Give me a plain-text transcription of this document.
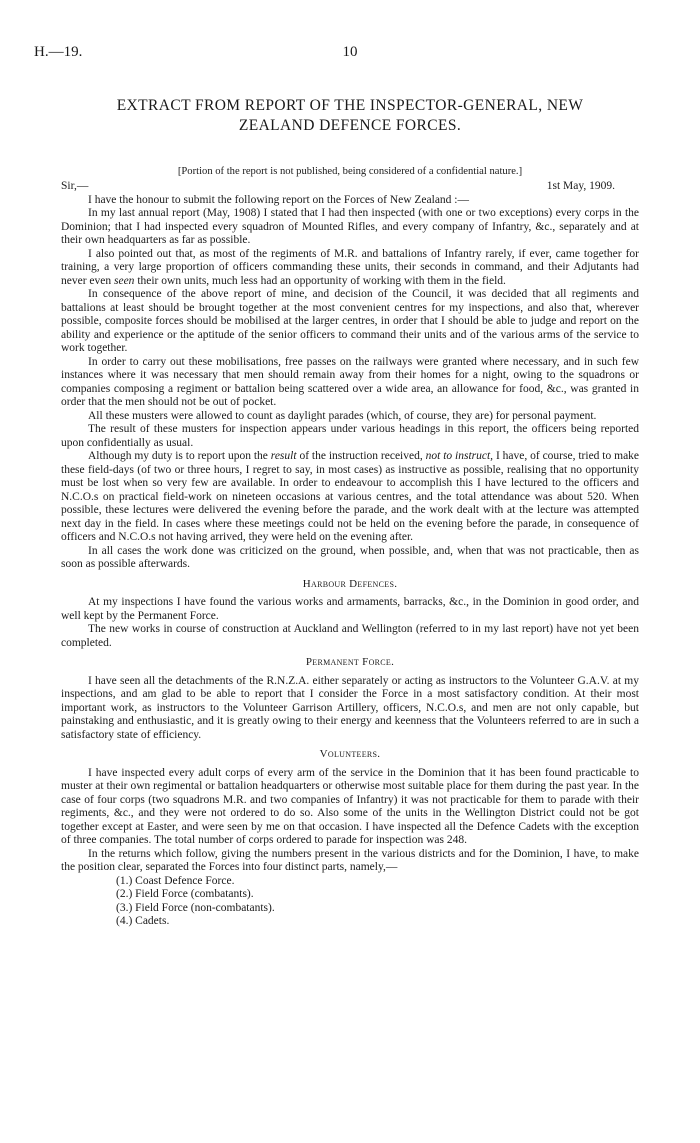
H.—19.	10
EXTRACT FROM REPORT OF THE INSPECTOR-GENERAL, NEW
ZEALAND DEFENCE FORCES.
[Portion of the report is not published, being considered of a confidential nature.]
Sir,—	1st May, 1909.

I have the honour to submit the following report on the Forces of New Zealand :—

In my last annual report (May, 1908) I stated that I had then inspected (with one or two exceptions) every corps in the Dominion; that I had inspected every squadron of Mounted Rifles, and every company of Infantry, &c., separately and at their own headquarters as far as possible.

I also pointed out that, as most of the regiments of M.R. and battalions of Infantry rarely, if ever, came together for training, a very large proportion of officers commanding these units, their seconds in command, and their Adjutants had never even seen their own units, much less had an opportunity of working with them in the field.

In consequence of the above report of mine, and decision of the Council, it was decided that all regiments and battalions at least should be brought together at the most convenient centres for my inspections, and also that, wherever possible, composite forces should be mobilised at the larger centres, in order that I should be able to judge and report on the ability and experience or the aptitude of the senior officers to command their units and of the various arms of the service to work together.

In order to carry out these mobilisations, free passes on the railways were granted where necessary, and in such few instances where it was necessary that men should remain away from their homes for a night, owing to the squadrons or companies composing a regiment or battalion being scattered over a wide area, an allowance for food, &c., was granted in order that the men should not be out of pocket.

All these musters were allowed to count as daylight parades (which, of course, they are) for personal payment.

The result of these musters for inspection appears under various headings in this report, the officers being reported upon confidentially as usual.

Although my duty is to report upon the result of the instruction received, not to instruct, I have, of course, tried to make these field-days (of two or three hours, I regret to say, in most cases) as instructive as possible, realising that no opportunity must be lost when so very few are available. In order to endeavour to accomplish this I have lectured to the officers and N.C.O.s on practical field-work on nineteen occasions at various centres, and the total attendance was about 520. When possible, these lectures were delivered the evening before the parade, and the work dealt with at the lecture was attempted next day in the field. In cases where these meetings could not be held on the evening before the parade, in consequence of officers and N.C.O.s not having arrived, they were held on the evening after.

In all cases the work done was criticized on the ground, when possible, and, when that was not practicable, then as soon as possible afterwards.

Harbour Defences.

At my inspections I have found the various works and armaments, barracks, &c., in the Dominion in good order, and well kept by the Permanent Force.

The new works in course of construction at Auckland and Wellington (referred to in my last report) have not yet been completed.

Permanent Force.

I have seen all the detachments of the R.N.Z.A. either separately or acting as instructors to the Volunteer G.A.V. at my inspections, and am glad to be able to report that I consider the Force in a most satisfactory condition. At their most important work, as instructors to the Volunteer Garrison Artillery, officers, N.C.O.s, and men are not only capable, but painstaking and enthusiastic, and it is greatly owing to their energy and keenness that the Volunteers referred to are in such a satisfactory state of efficiency.

Volunteers.

I have inspected every adult corps of every arm of the service in the Dominion that it has been found practicable to muster at their own regimental or battalion headquarters or otherwise most suitable place for them during the past year. In the case of four corps (two squadrons M.R. and two companies of Infantry) it was not practicable for them to parade with their regiments, &c., and they were not ordered to do so. Also some of the units in the Wellington District could not be got together except at Easter, and were seen by me on that occasion. I have inspected all the Defence Cadets with the exception of three companies. The total number of corps ordered to parade for inspection was 248.

In the returns which follow, giving the numbers present in the various districts and for the Dominion, I have, to make the position clear, separated the Forces into four distinct parts, namely,—

(1.) Coast Defence Force.
(2.) Field Force (combatants).
(3.) Field Force (non-combatants).
(4.) Cadets.
